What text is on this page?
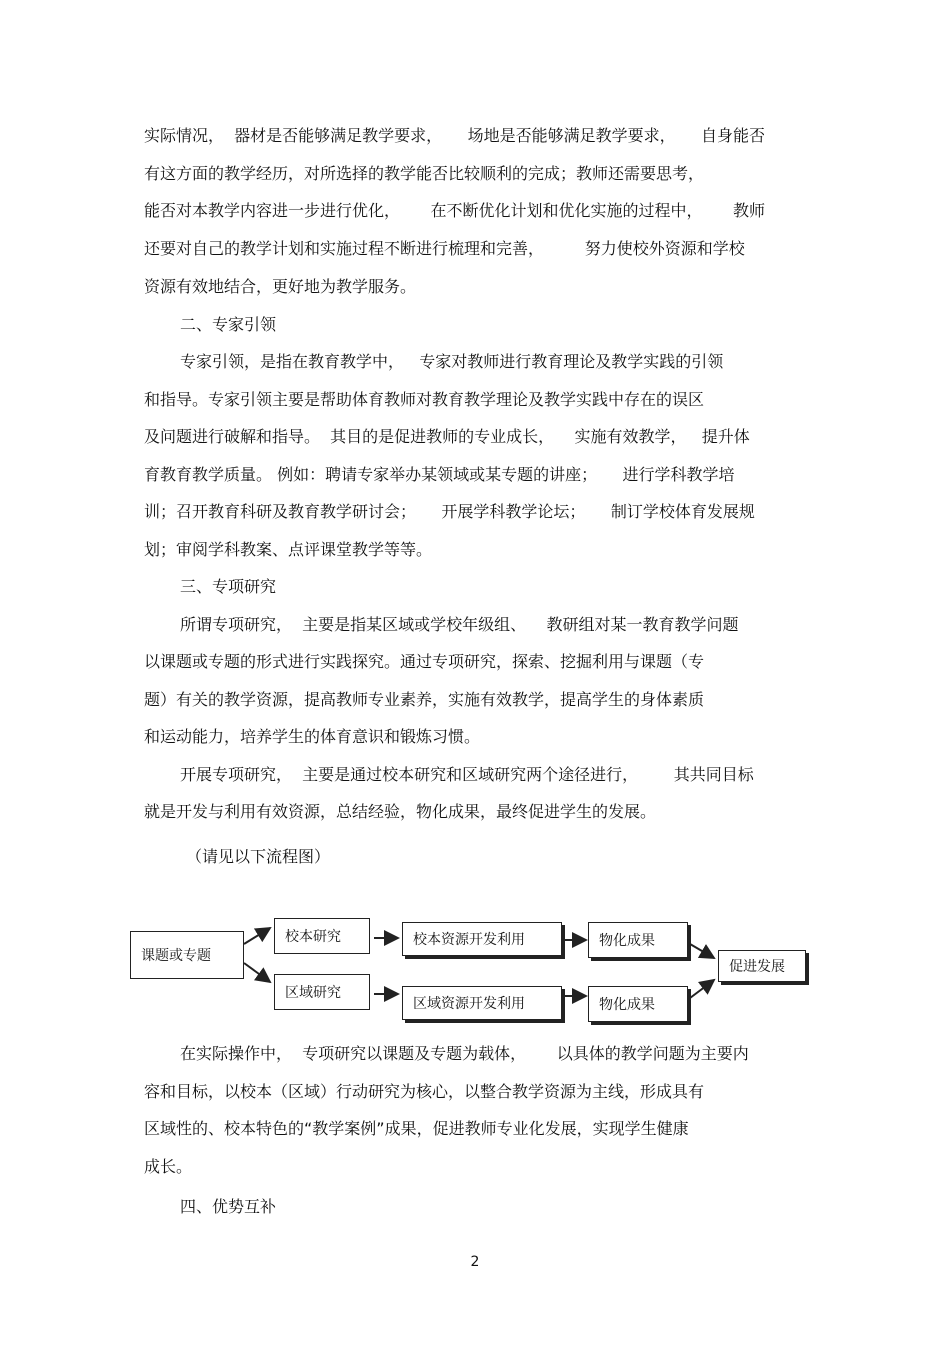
实际情况，  器材是否能够满足教学要求，     场地是否能够满足教学要求，     自身能否
有这方面的教学经历，对所选择的教学能否比较顺利的完成；教师还需要思考，
能否对本教学内容进一步进行优化，      在不断优化计划和优化实施的过程中，      教师
还要对自己的教学计划和实施过程不断进行梳理和完善，        努力使校外资源和学校
资源有效地结合，更好地为教学服务。
二、专家引领
专家引领，是指在教育教学中，   专家对教师进行教育理论及教学实践的引领
和指导。专家引领主要是帮助体育教师对教育教学理论及教学实践中存在的误区
及问题进行破解和指导。  其目的是促进教师的专业成长，    实施有效教学，   提升体
育教育教学质量。 例如：聘请专家举办某领域或某专题的讲座；     进行学科教学培
训；召开教育科研及教育教学研讨会；     开展学科教学论坛；     制订学校体育发展规
划；审阅学科教案、点评课堂教学等等。
三、专项研究
所谓专项研究，  主要是指某区域或学校年级组、    教研组对某一教育教学问题
以课题或专题的形式进行实践探究。通过专项研究，探索、挖掘利用与课题（专
题）有关的教学资源，提高教师专业素养，实施有效教学，提高学生的身体素质
和运动能力，培养学生的体育意识和锻炼习惯。
开展专项研究，  主要是通过校本研究和区域研究两个途径进行，       其共同目标
就是开发与利用有效资源，总结经验，物化成果，最终促进学生的发展。
（请见以下流程图）
课题或专题
校本研究
区域研究
校本资源开发利用
区域资源开发利用
物化成果
物化成果
促进发展
在实际操作中，  专项研究以课题及专题为载体，      以具体的教学问题为主要内
容和目标，以校本（区域）行动研究为核心，以整合教学资源为主线，形成具有
区域性的、校本特色的“教学案例”成果，促进教师专业化发展，实现学生健康
成长。
四、优势互补
2
